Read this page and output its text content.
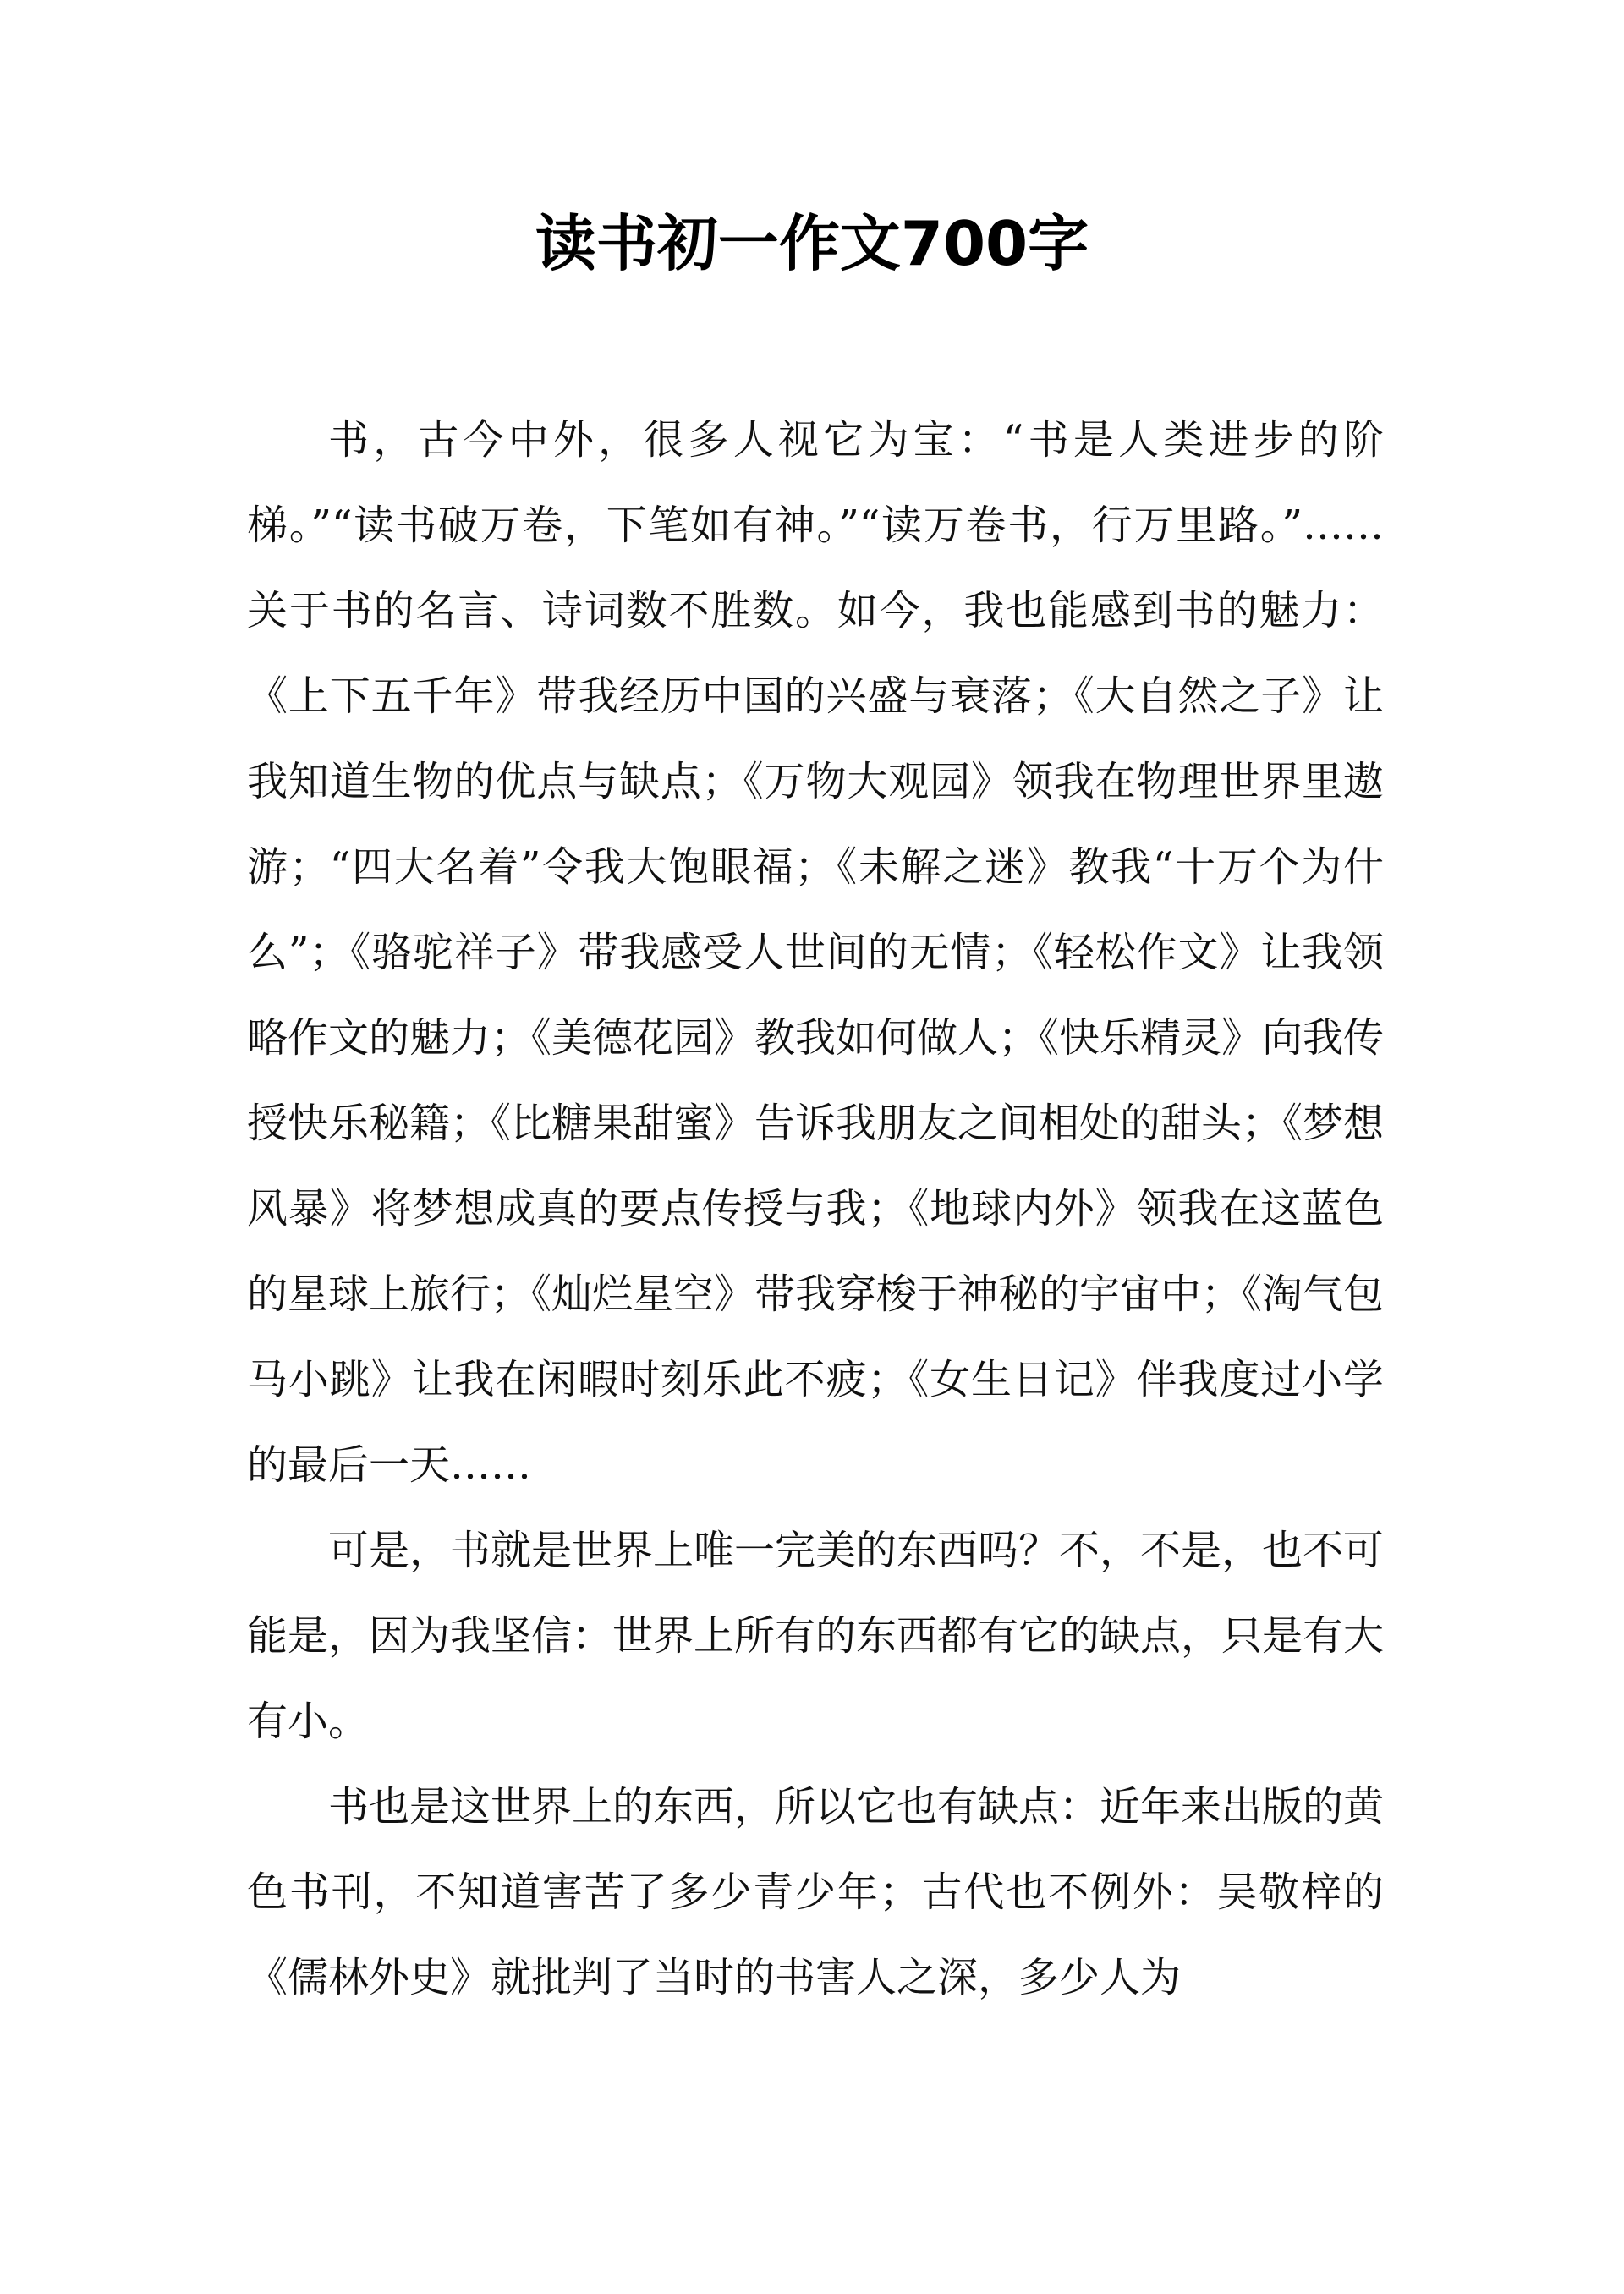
读书初一作文700字

书，古今中外，很多人视它为宝：“书是人类进步的阶梯。”“读书破万卷，下笔如有神。”“读万卷书，行万里路。”……关于书的名言、诗词数不胜数。如今，我也能感到书的魅力：《上下五千年》带我经历中国的兴盛与衰落；《大自然之子》让我知道生物的优点与缺点；《万物大观园》领我在物理世界里遨游；“四大名着”令我大饱眼福；《未解之迷》教我“十万个为什么”；《骆驼祥子》带我感受人世间的无情；《轻松作文》让我领略作文的魅力；《美德花园》教我如何做人；《快乐精灵》向我传授快乐秘籍；《比糖果甜蜜》告诉我朋友之间相处的甜头；《梦想风暴》将梦想成真的要点传授与我；《地球内外》领我在这蓝色的星球上旅行；《灿烂星空》带我穿梭于神秘的宇宙中；《淘气包马小跳》让我在闲暇时刻乐此不疲；《女生日记》伴我度过小学的最后一天……

可是，书就是世界上唯一完美的东西吗？不，不是，也不可能是，因为我坚信：世界上所有的东西都有它的缺点，只是有大有小。

书也是这世界上的东西，所以它也有缺点：近年来出版的黄色书刊，不知道害苦了多少青少年；古代也不例外：吴敬梓的《儒林外史》就批判了当时的书害人之深，多少人为
